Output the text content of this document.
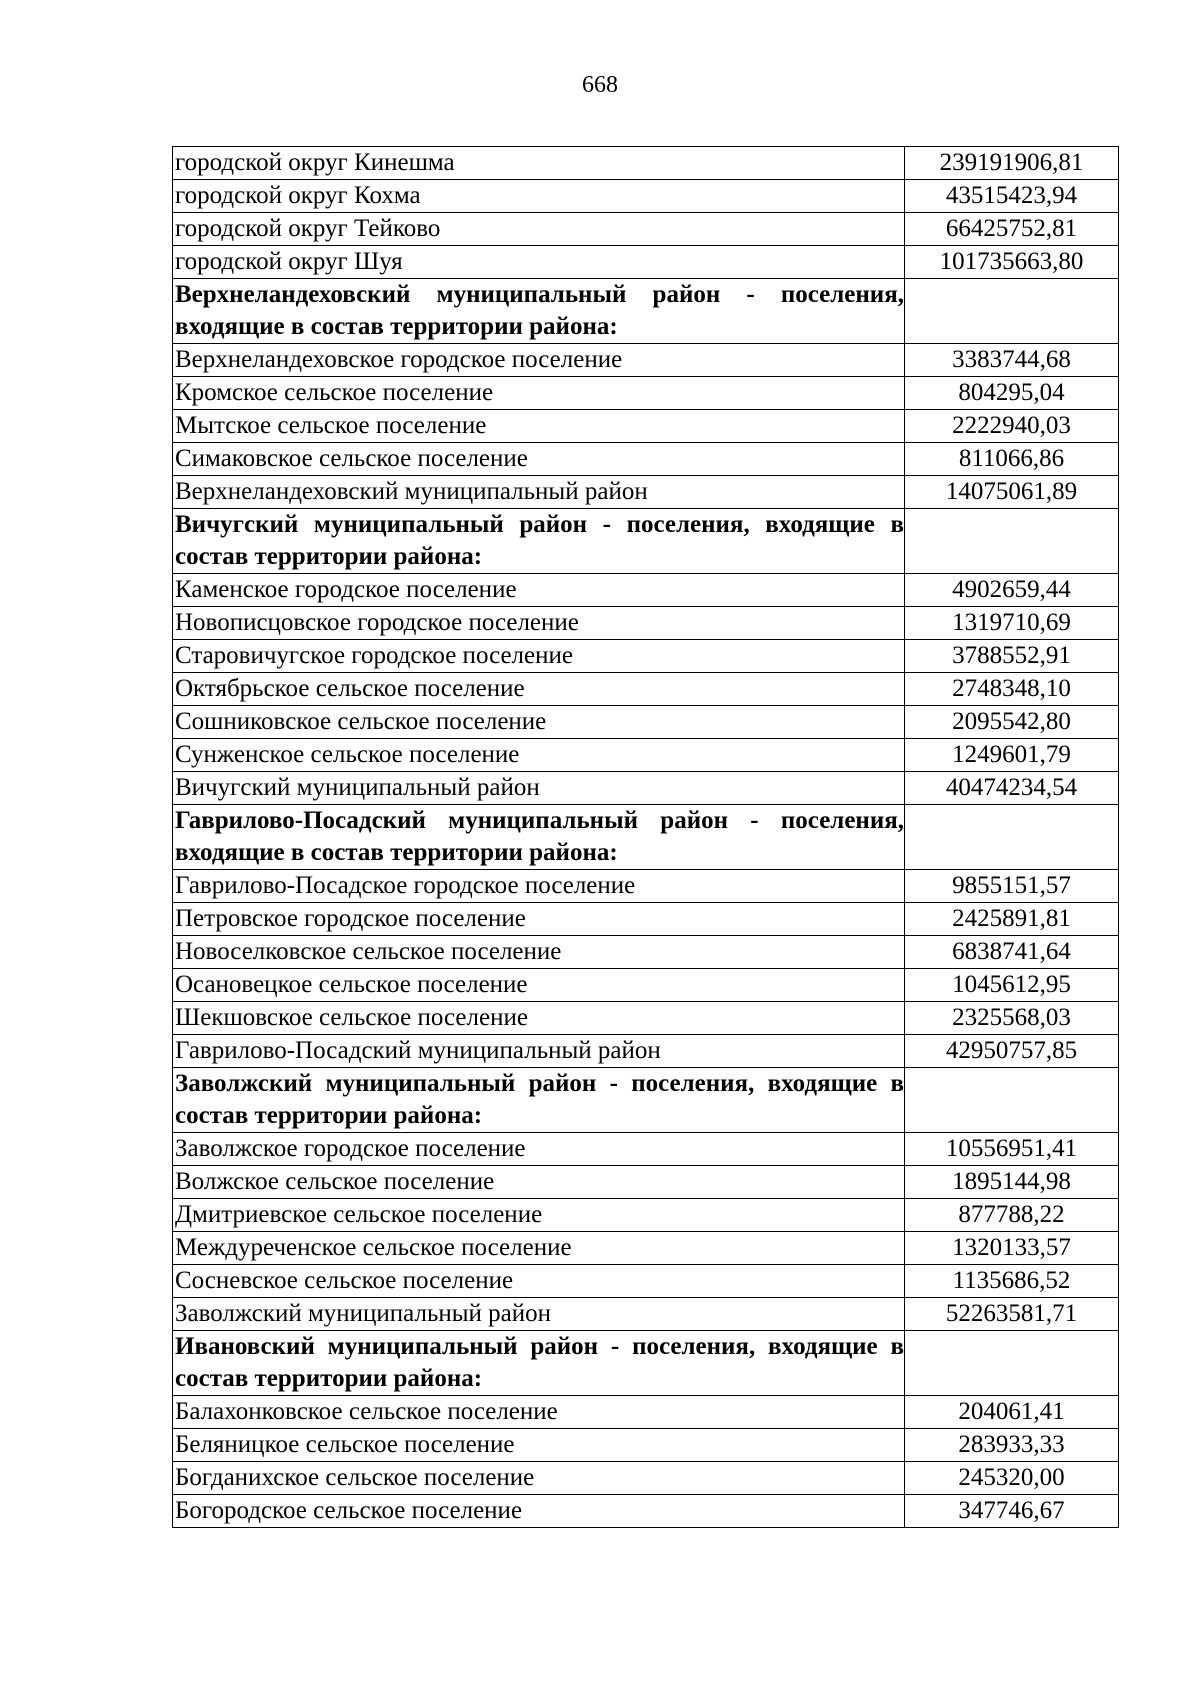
668
городской округ Кинешма	239191906,81
городской округ Кохма	43515423,94
городской округ Тейково	66425752,81
городской округ Шуя	101735663,80
Верхнеландеховский муниципальный район - поселения, входящие в состав территории района:	
Верхнеландеховское городское поселение	3383744,68
Кромское сельское поселение	804295,04
Мытское сельское поселение	2222940,03
Симаковское сельское поселение	811066,86
Верхнеландеховский муниципальный район	14075061,89
Вичугский муниципальный район - поселения, входящие в состав территории района:	
Каменское городское поселение	4902659,44
Новописцовское городское поселение	1319710,69
Старовичугское городское поселение	3788552,91
Октябрьское сельское поселение	2748348,10
Сошниковское сельское поселение	2095542,80
Сунженское сельское поселение	1249601,79
Вичугский муниципальный район	40474234,54
Гаврилово-Посадский муниципальный район - поселения, входящие в состав территории района:	
Гаврилово-Посадское городское поселение	9855151,57
Петровское городское поселение	2425891,81
Новоселковское сельское поселение	6838741,64
Осановецкое сельское поселение	1045612,95
Шекшовское сельское поселение	2325568,03
Гаврилово-Посадский муниципальный район	42950757,85
Заволжский муниципальный район - поселения, входящие в состав территории района:	
Заволжское городское поселение	10556951,41
Волжское сельское поселение	1895144,98
Дмитриевское сельское поселение	877788,22
Междуреченское сельское поселение	1320133,57
Сосневское сельское поселение	1135686,52
Заволжский муниципальный район	52263581,71
Ивановский муниципальный район - поселения, входящие в состав территории района:	
Балахонковское сельское поселение	204061,41
Беляницкое сельское поселение	283933,33
Богданихское сельское поселение	245320,00
Богородское сельское поселение	347746,67
